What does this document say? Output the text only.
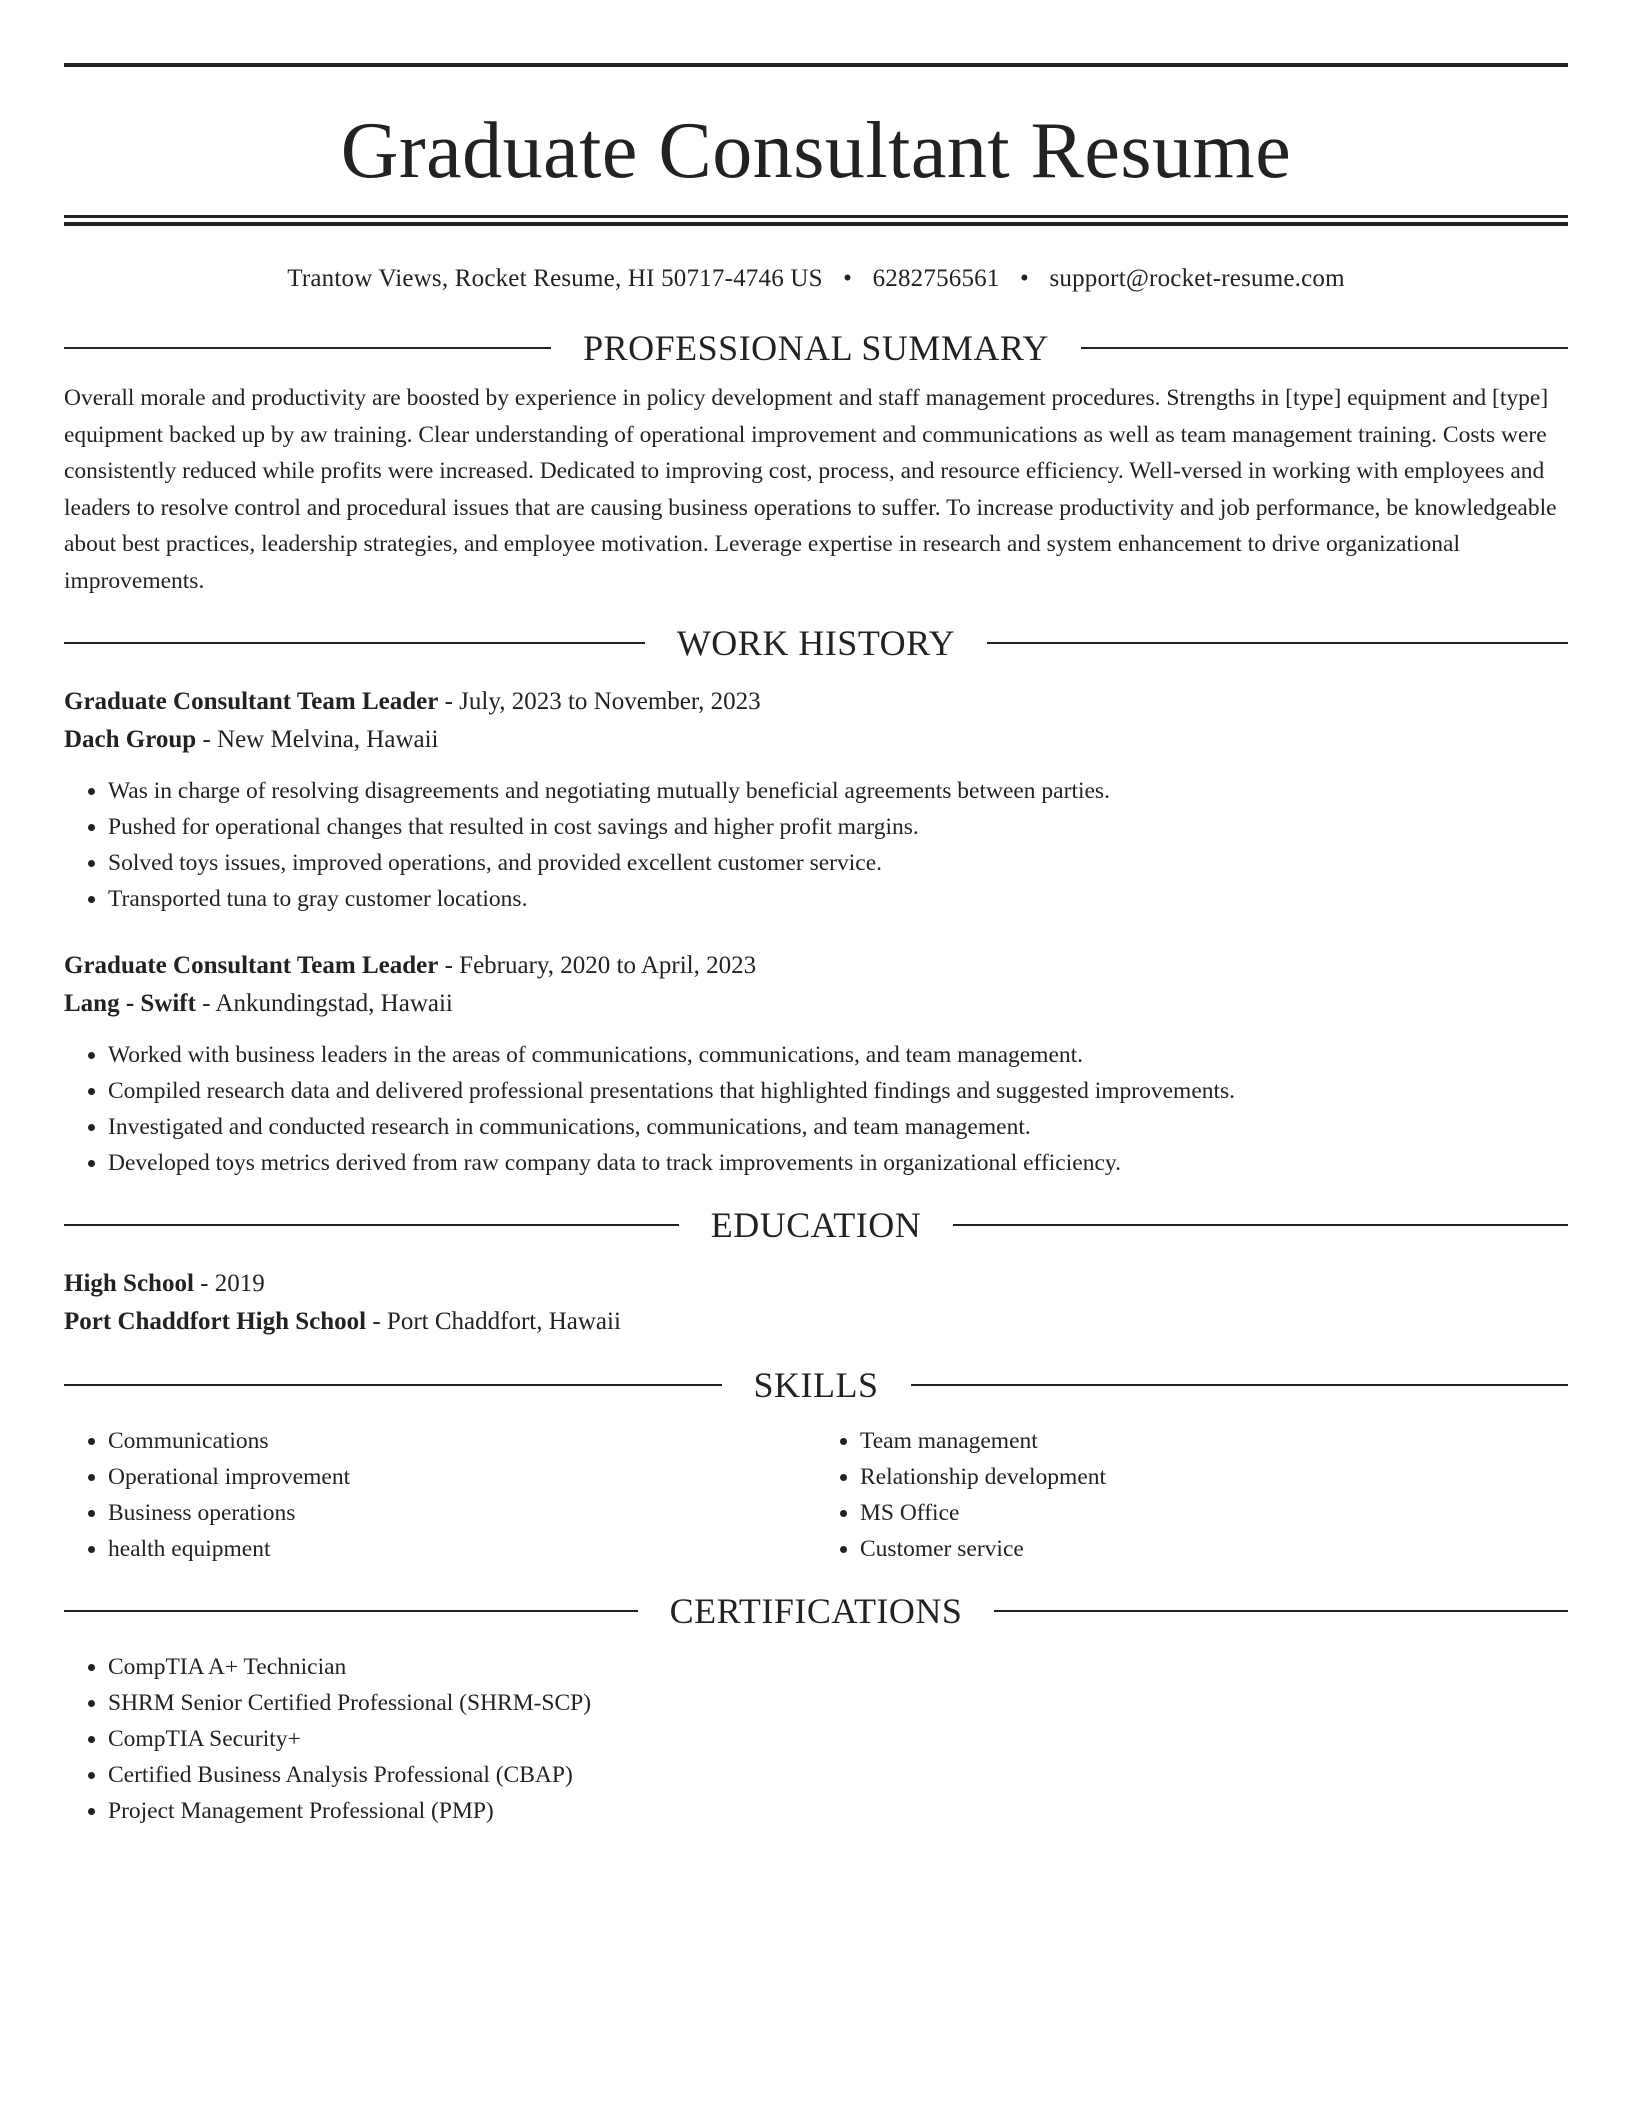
Graduate Consultant Resume
Trantow Views, Rocket Resume, HI 50717-4746 US • 6282756561 • support@rocket-resume.com
PROFESSIONAL SUMMARY

Overall morale and productivity are boosted by experience in policy development and staff management procedures. Strengths in [type] equipment and [type] equipment backed up by aw training. Clear understanding of operational improvement and communications as well as team management training. Costs were consistently reduced while profits were increased. Dedicated to improving cost, process, and resource efficiency. Well-versed in working with employees and leaders to resolve control and procedural issues that are causing business operations to suffer. To increase productivity and job performance, be knowledgeable about best practices, leadership strategies, and employee motivation. Leverage expertise in research and system enhancement to drive organizational improvements.

WORK HISTORY
Graduate Consultant Team Leader - July, 2023 to November, 2023
Dach Group - New Melvina, Hawaii
• Was in charge of resolving disagreements and negotiating mutually beneficial agreements between parties.
• Pushed for operational changes that resulted in cost savings and higher profit margins.
• Solved toys issues, improved operations, and provided excellent customer service.
• Transported tuna to gray customer locations.
Graduate Consultant Team Leader - February, 2020 to April, 2023
Lang - Swift - Ankundingstad, Hawaii
• Worked with business leaders in the areas of communications, communications, and team management.
• Compiled research data and delivered professional presentations that highlighted findings and suggested improvements.
• Investigated and conducted research in communications, communications, and team management.
• Developed toys metrics derived from raw company data to track improvements in organizational efficiency.
EDUCATION
High School - 2019
Port Chaddfort High School - Port Chaddfort, Hawaii
SKILLS
• Communications
• Operational improvement
• Business operations
• health equipment
• Team management
• Relationship development
• MS Office
• Customer service
CERTIFICATIONS
• CompTIA A+ Technician
• SHRM Senior Certified Professional (SHRM-SCP)
• CompTIA Security+
• Certified Business Analysis Professional (CBAP)
• Project Management Professional (PMP)
